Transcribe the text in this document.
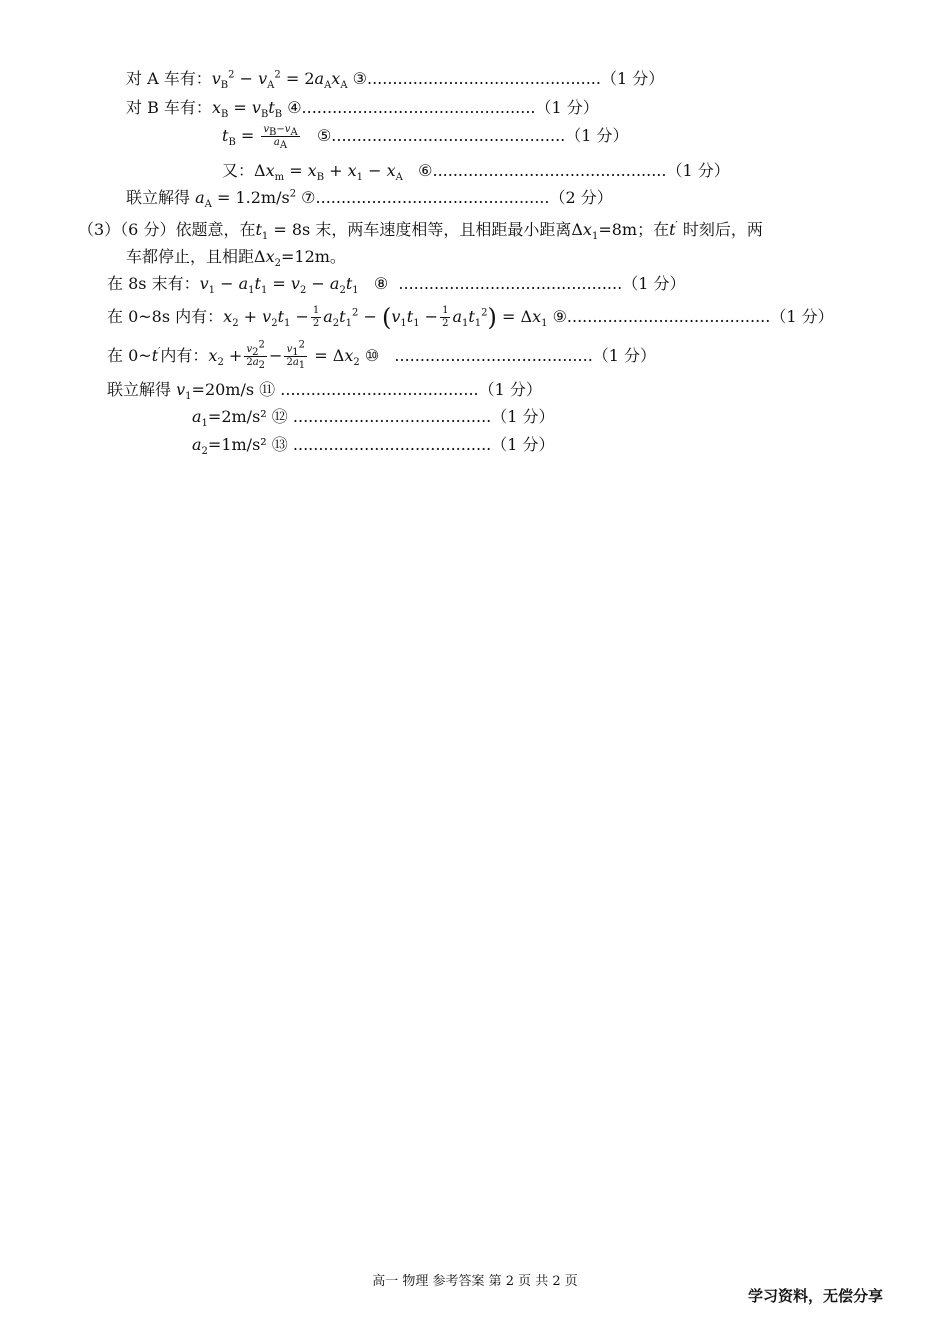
对 A 车有：$v_B^2 - v_A^2 = 2a_Ax_A$ ③..............................................（1 分）
对 B 车有：$x_B = v_Bt_B$ ④..............................................（1 分）
$t_B = \frac{v_B-v_A}{a_A}$ ⑤..............................................（1 分）
又：$\Delta x_m = x_B + x_1 - x_A$ ⑥..............................................（1 分）
联立解得 $a_A = 1.2m/s^2$ ⑦..............................................（2 分）
（3）（6 分）依题意，在$t_1 = 8s$ 末，两车速度相等，且相距最小距离$\Delta x_1=8m$；在t′ 时刻后，两
车都停止，且相距$\Delta x_2=12m$。
在 8s 末有：$v_1 - a_1t_1 = v_2 - a_2t_1$ ⑧ ............................................（1 分）
在 0~8s 内有：$x_2 + v_2t_1 - \frac{1}{2} a_2t_1^2 - (v_1t_1 - \frac{1}{2} a_1t_1^2) = \Delta x_1$ ⑨........................................（1 分）
在 0~t′内有：$x_2 + \frac{v_2^2}{2a_2} - \frac{v_1^2}{2a_1} = \Delta x_2$ ⑩ .......................................（1 分）
联立解得 $v_1=20m/s$ ⑪ .......................................（1 分）
$a_1=2m/s^2$ ⑫ .......................................（1 分）
$a_2=1m/s^2$ ⑬ .......................................（1 分）
高一 物理 参考答案 第 2 页 共 2 页
学习资料，无偿分享
